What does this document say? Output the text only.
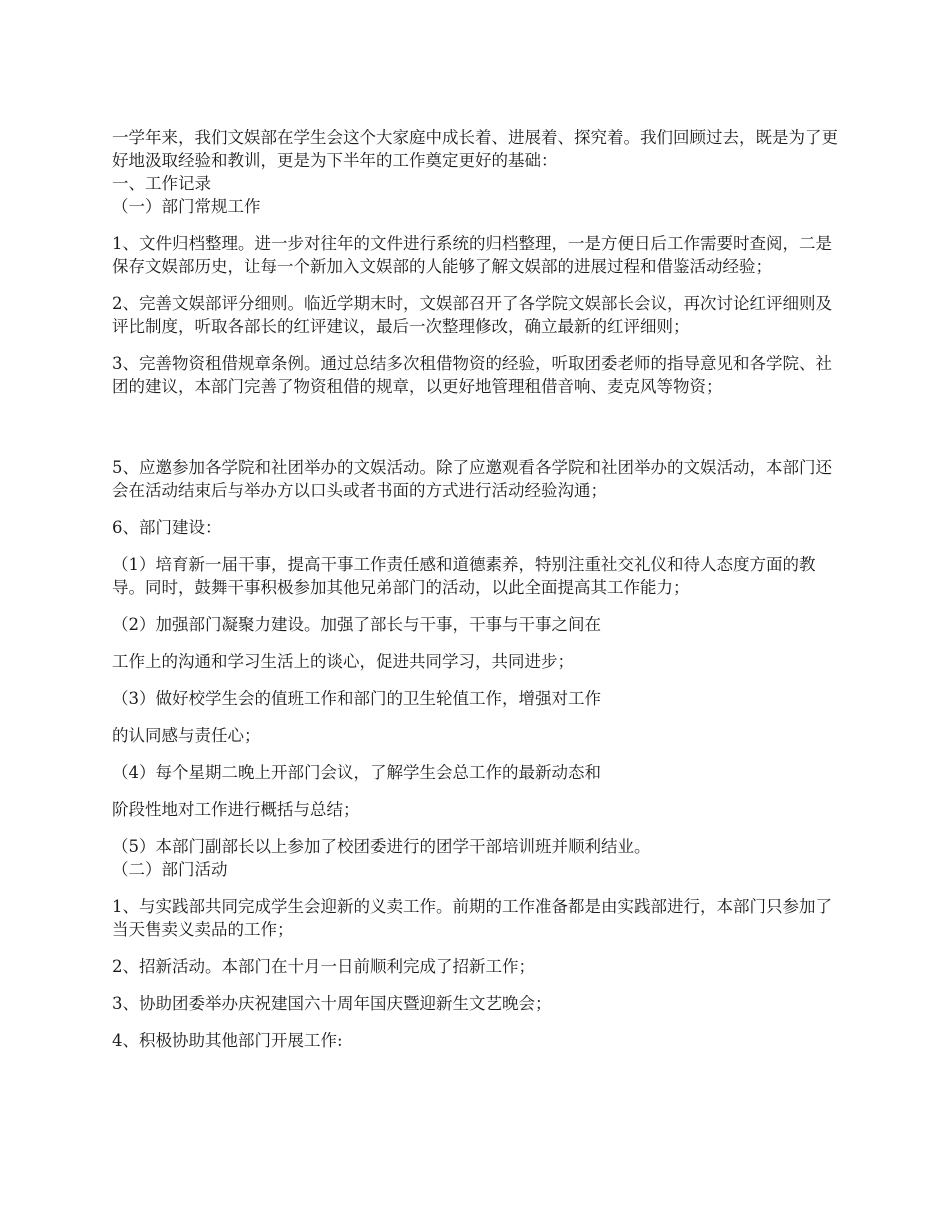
一学年来，我们文娱部在学生会这个大家庭中成长着、进展着、探究着。我们回顾过去，既是为了更好地汲取经验和教训，更是为下半年的工作奠定更好的基础：

一、工作记录

（一）部门常规工作

1、文件归档整理。进一步对往年的文件进行系统的归档整理，一是方便日后工作需要时查阅，二是保存文娱部历史，让每一个新加入文娱部的人能够了解文娱部的进展过程和借鉴活动经验；

2、完善文娱部评分细则。临近学期末时，文娱部召开了各学院文娱部长会议，再次讨论红评细则及评比制度，听取各部长的红评建议，最后一次整理修改，确立最新的红评细则；

3、完善物资租借规章条例。通过总结多次租借物资的经验，听取团委老师的指导意见和各学院、社团的建议，本部门完善了物资租借的规章，以更好地管理租借音响、麦克风等物资；

5、应邀参加各学院和社团举办的文娱活动。除了应邀观看各学院和社团举办的文娱活动，本部门还会在活动结束后与举办方以口头或者书面的方式进行活动经验沟通；

6、部门建设：

（1）培育新一届干事，提高干事工作责任感和道德素养，特别注重社交礼仪和待人态度方面的教导。同时，鼓舞干事积极参加其他兄弟部门的活动，以此全面提高其工作能力；

（2）加强部门凝聚力建设。加强了部长与干事，干事与干事之间在

工作上的沟通和学习生活上的谈心，促进共同学习，共同进步；

（3）做好校学生会的值班工作和部门的卫生轮值工作，增强对工作

的认同感与责任心；

（4）每个星期二晚上开部门会议，了解学生会总工作的最新动态和

阶段性地对工作进行概括与总结；

（5）本部门副部长以上参加了校团委进行的团学干部培训班并顺利结业。

（二）部门活动

1、与实践部共同完成学生会迎新的义卖工作。前期的工作准备都是由实践部进行，本部门只参加了当天售卖义卖品的工作；

2、招新活动。本部门在十月一日前顺利完成了招新工作；

3、协助团委举办庆祝建国六十周年国庆暨迎新生文艺晚会；

4、积极协助其他部门开展工作:
